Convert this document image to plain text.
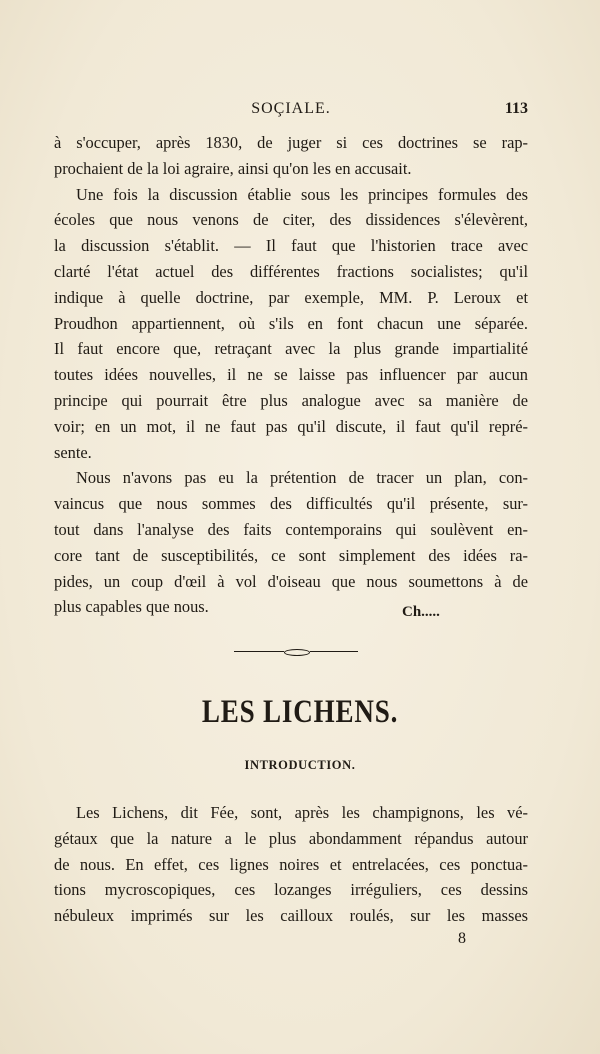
SOÇIALE.	113
à s'occuper, après 1830, de juger si ces doctrines se rap-
prochaient de la loi agraire, ainsi qu'on les en accusait.
Une fois la discussion établie sous les principes formules des
écoles que nous venons de citer, des dissidences s'élevèrent,
la discussion s'établit. — Il faut que l'historien trace avec
clarté l'état actuel des différentes fractions socialistes; qu'il
indique à quelle doctrine, par exemple, MM. P. Leroux et
Proudhon appartiennent, où s'ils en font chacun une séparée.
Il faut encore que, retraçant avec la plus grande impartialité
toutes idées nouvelles, il ne se laisse pas influencer par aucun
principe qui pourrait être plus analogue avec sa manière de
voir; en un mot, il ne faut pas qu'il discute, il faut qu'il repré-
sente.
Nous n'avons pas eu la prétention de tracer un plan, con-
vaincus que nous sommes des difficultés qu'il présente, sur-
tout dans l'analyse des faits contemporains qui soulèvent en-
core tant de susceptibilités, ce sont simplement des idées ra-
pides, un coup d'œil à vol d'oiseau que nous soumettons à de
plus capables que nous.	Ch.....
LES LICHENS.
INTRODUCTION.
Les Lichens, dit Fée, sont, après les champignons, les vé-
gétaux que la nature a le plus abondamment répandus autour
de nous. En effet, ces lignes noires et entrelacées, ces ponctua-
tions mycroscopiques, ces lozanges irréguliers, ces dessins
nébuleux imprimés sur les cailloux roulés, sur les masses
8
